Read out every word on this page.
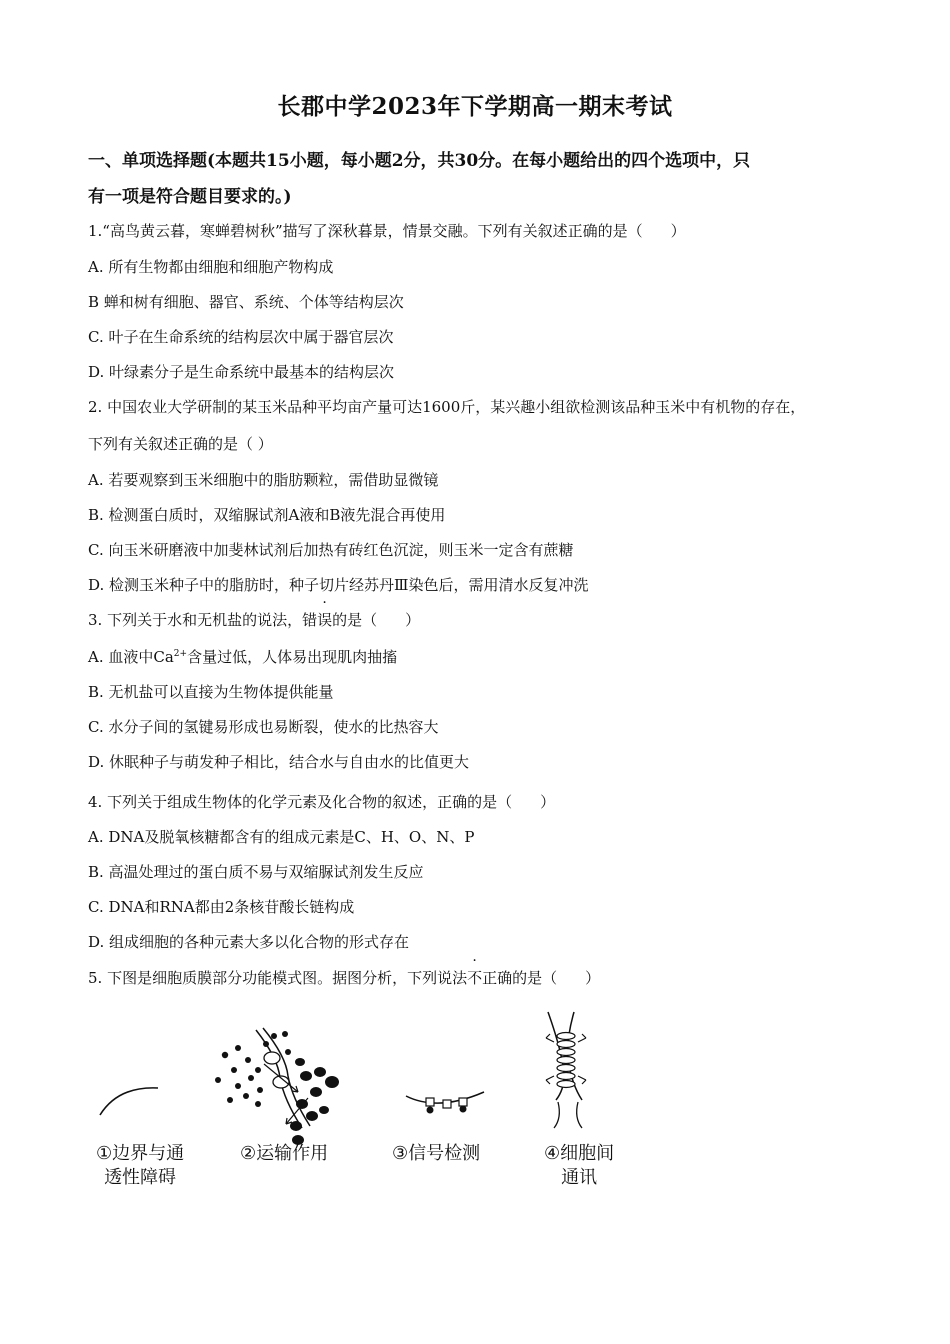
长郡中学2023年下学期高一期末考试
一、单项选择题(本题共15小题，每小题2分，共30分。在每小题给出的四个选项中，只
有一项是符合题目要求的。)
1.“高鸟黄云暮，寒蝉碧树秋”描写了深秋暮景，情景交融。下列有关叙述正确的是（ ）
A. 所有生物都由细胞和细胞产物构成
B 蝉和树有细胞、器官、系统、个体等结构层次
C. 叶子在生命系统的结构层次中属于器官层次
D. 叶绿素分子是生命系统中最基本的结构层次
2. 中国农业大学研制的某玉米品种平均亩产量可达1600斤，某兴趣小组欲检测该品种玉米中有机物的存在，
下列有关叙述正确的是（ ）
A. 若要观察到玉米细胞中的脂肪颗粒，需借助显微镜
B. 检测蛋白质时，双缩脲试剂A液和B液先混合再使用
C. 向玉米研磨液中加斐林试剂后加热有砖红色沉淀，则玉米一定含有蔗糖
D. 检测玉米种子中的脂肪时，种子切片经苏丹Ⅲ染色后，需用清水反复冲洗
3. 下列关于水和无机盐的说法，错误的是（ ）
A. 血液中$Ca^{2+}$含量过低，人体易出现肌肉抽搐
B. 无机盐可以直接为生物体提供能量
C. 水分子间的氢键易形成也易断裂，使水的比热容大
D. 休眠种子与萌发种子相比，结合水与自由水的比值更大
4. 下列关于组成生物体的化学元素及化合物的叙述，正确的是（ ）
A. DNA及脱氧核糖都含有的组成元素是C、H、O、N、P
B. 高温处理过的蛋白质不易与双缩脲试剂发生反应
C. DNA和RNA都由2条核苷酸长链构成
D. 组成细胞的各种元素大多以化合物的形式存在
5. 下图是细胞质膜部分功能模式图。据图分析，下列说法不正确的是（ ）
①边界与通
透性障碍
②运输作用	③信号检测	④细胞间
通讯
